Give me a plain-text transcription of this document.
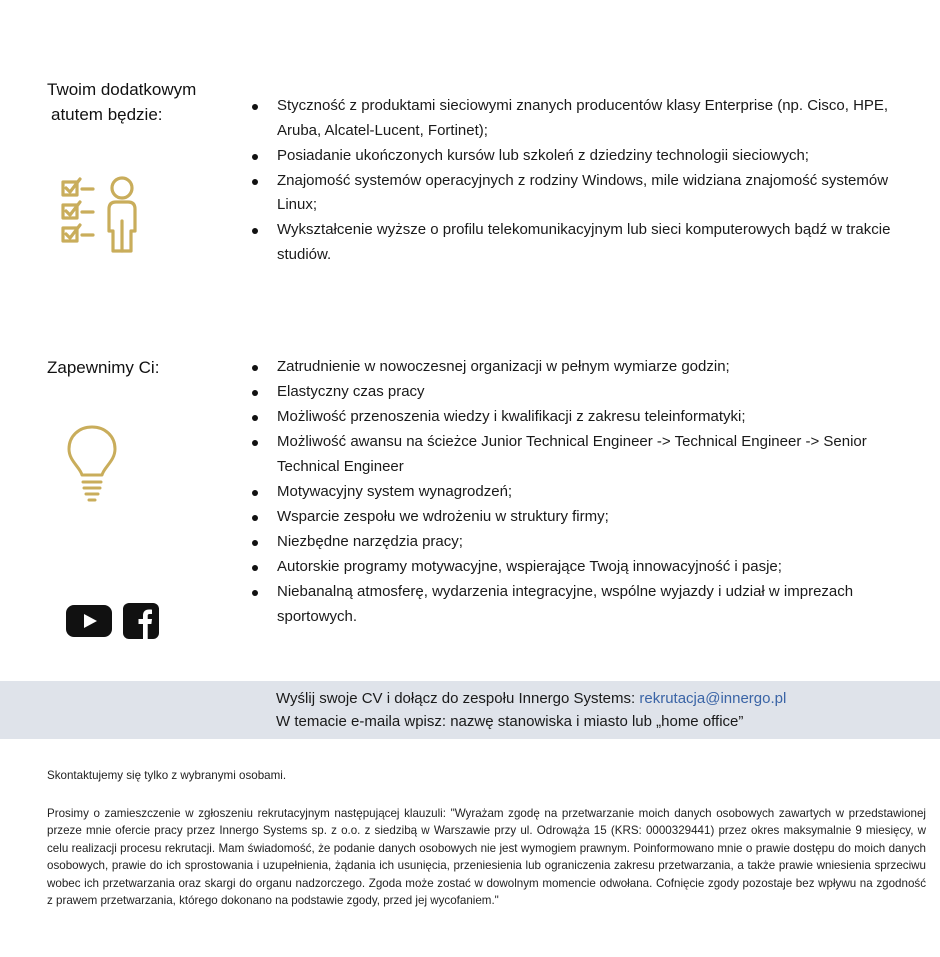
Twoim dodatkowym
atutem będzie:	Styczność z produktami sieciowymi znanych producentów klasy Enterprise (np. Cisco, HPE, Aruba, Alcatel-Lucent, Fortinet);
Posiadanie ukończonych kursów lub szkoleń z dziedziny technologii sieciowych;
Znajomość systemów operacyjnych z rodziny Windows, mile widziana znajomość systemów Linux;
Wykształcenie wyższe o profilu telekomunikacyjnym lub sieci komputerowych bądź w trakcie studiów.
Zapewnimy Ci:	Zatrudnienie w nowoczesnej organizacji w pełnym wymiarze godzin;
Elastyczny czas pracy
Możliwość przenoszenia wiedzy i kwalifikacji z zakresu teleinformatyki;
Możliwość awansu na ścieżce Junior Technical Engineer -> Technical Engineer -> Senior Technical Engineer
Motywacyjny system wynagrodzeń;
Wsparcie zespołu we wdrożeniu w struktury firmy;
Niezbędne narzędzia pracy;
Autorskie programy motywacyjne, wspierające Twoją innowacyjność i pasje;
Niebanalną atmosferę, wydarzenia integracyjne, wspólne wyjazdy i udział w imprezach sportowych.
Wyślij swoje CV i dołącz do zespołu Innergo Systems: rekrutacja@innergo.pl
W temacie e-maila wpisz: nazwę stanowiska i miasto lub „home office”
Skontaktujemy się tylko z wybranymi osobami.
Prosimy o zamieszczenie w zgłoszeniu rekrutacyjnym następującej klauzuli: "Wyrażam zgodę na przetwarzanie moich danych osobowych zawartych w przedstawionej przeze mnie ofercie pracy przez Innergo Systems sp. z o.o. z siedzibą w Warszawie przy ul. Odrowąża 15 (KRS: 0000329441) przez okres maksymalnie 9 miesięcy, w celu realizacji procesu rekrutacji. Mam świadomość, że podanie danych osobowych nie jest wymogiem prawnym. Poinformowano mnie o prawie dostępu do moich danych osobowych, prawie do ich sprostowania i uzupełnienia, żądania ich usunięcia, przeniesienia lub ograniczenia zakresu przetwarzania, a także prawie wniesienia sprzeciwu wobec ich przetwarzania oraz skargi do organu nadzorczego. Zgoda może zostać w dowolnym momencie odwołana. Cofnięcie zgody pozostaje bez wpływu na zgodność z prawem przetwarzania, którego dokonano na podstawie zgody, przed jej wycofaniem."
